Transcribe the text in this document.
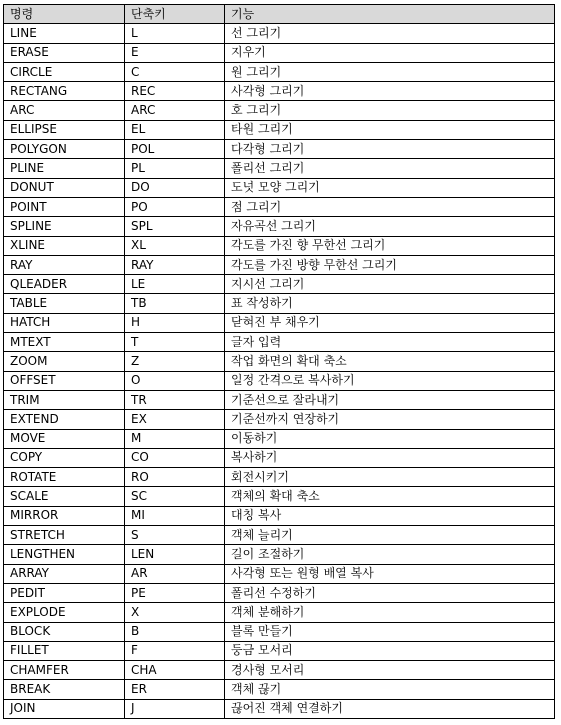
명령	단축키	기능
LINE	L	선 그리기
ERASE	E	지우기
CIRCLE	C	원 그리기
RECTANG	REC	사각형 그리기
ARC	ARC	호 그리기
ELLIPSE	EL	타원 그리기
POLYGON	POL	다각형 그리기
PLINE	PL	폴리선 그리기
DONUT	DO	도넛 모양 그리기
POINT	PO	점 그리기
SPLINE	SPL	자유곡선 그리기
XLINE	XL	각도를 가진 향 무한선 그리기
RAY	RAY	각도를 가진 방향 무한선 그리기
QLEADER	LE	지시선 그리기
TABLE	TB	표 작성하기
HATCH	H	닫혀진 부 채우기
MTEXT	T	글자 입력
ZOOM	Z	작업 화면의 확대 축소
OFFSET	O	일정 간격으로 복사하기
TRIM	TR	기준선으로 잘라내기
EXTEND	EX	기준선까지 연장하기
MOVE	M	이동하기
COPY	CO	복사하기
ROTATE	RO	회전시키기
SCALE	SC	객체의 확대 축소
MIRROR	MI	대칭 복사
STRETCH	S	객체 늘리기
LENGTHEN	LEN	길이 조절하기
ARRAY	AR	사각형 또는 원형 배열 복사
PEDIT	PE	폴리선 수정하기
EXPLODE	X	객체 분해하기
BLOCK	B	블록 만들기
FILLET	F	둥금 모서리
CHAMFER	CHA	경사형 모서리
BREAK	ER	객체 끊기
JOIN	J	끊어진 객체 연결하기
